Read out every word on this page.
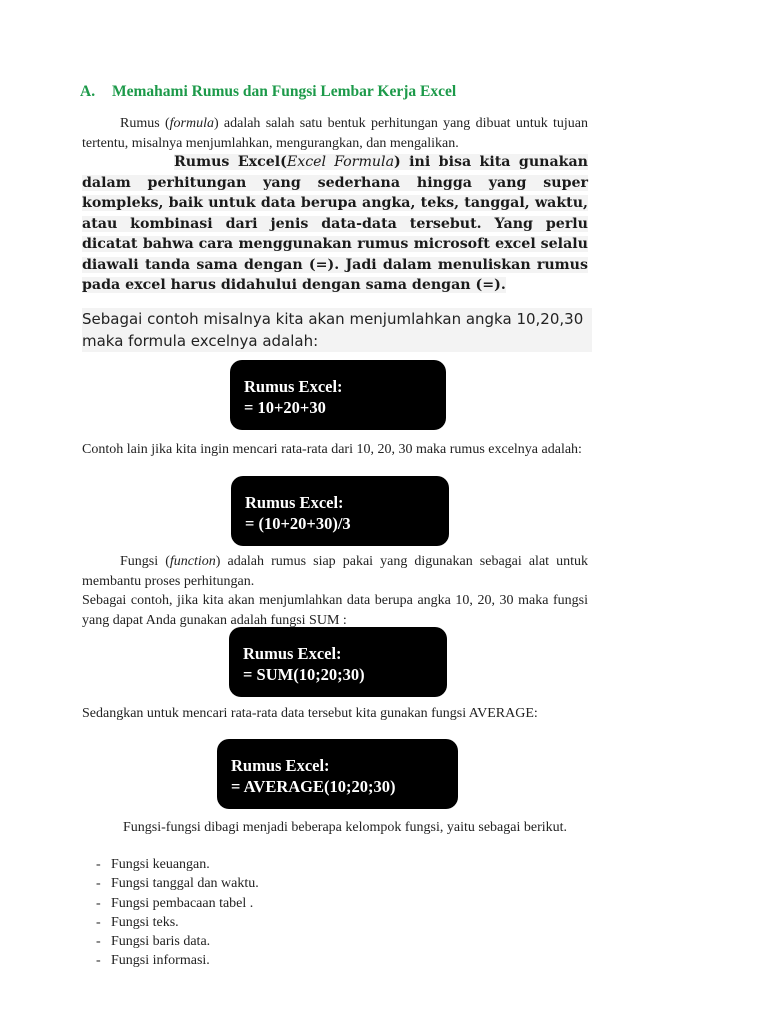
A. Memahami Rumus dan Fungsi Lembar Kerja Excel
Rumus (formula) adalah salah satu bentuk perhitungan yang dibuat untuk tujuan tertentu, misalnya menjumlahkan, mengurangkan, dan mengalikan.
Rumus Excel(Excel Formula) ini bisa kita gunakan dalam perhitungan yang sederhana hingga yang super kompleks, baik untuk data berupa angka, teks, tanggal, waktu, atau kombinasi dari jenis data-data tersebut. Yang perlu dicatat bahwa cara menggunakan rumus microsoft excel selalu diawali tanda sama dengan (=). Jadi dalam menuliskan rumus pada excel harus didahului dengan sama dengan (=).
Sebagai contoh misalnya kita akan menjumlahkan angka 10,20,30 maka formula excelnya adalah:
Rumus Excel:
= 10+20+30
Contoh lain jika kita ingin mencari rata-rata dari 10, 20, 30 maka rumus excelnya adalah:
Rumus Excel:
= (10+20+30)/3
Fungsi (function) adalah rumus siap pakai yang digunakan sebagai alat untuk membantu proses perhitungan.
Sebagai contoh, jika kita akan menjumlahkan data berupa angka 10, 20, 30 maka fungsi yang dapat Anda gunakan adalah fungsi SUM :
Rumus Excel:
= SUM(10;20;30)
Sedangkan untuk mencari rata-rata data tersebut kita gunakan fungsi AVERAGE:
Rumus Excel:
= AVERAGE(10;20;30)
Fungsi-fungsi dibagi menjadi beberapa kelompok fungsi, yaitu sebagai berikut.
- Fungsi keuangan.
- Fungsi tanggal dan waktu.
- Fungsi pembacaan tabel .
- Fungsi teks.
- Fungsi baris data.
- Fungsi informasi.
